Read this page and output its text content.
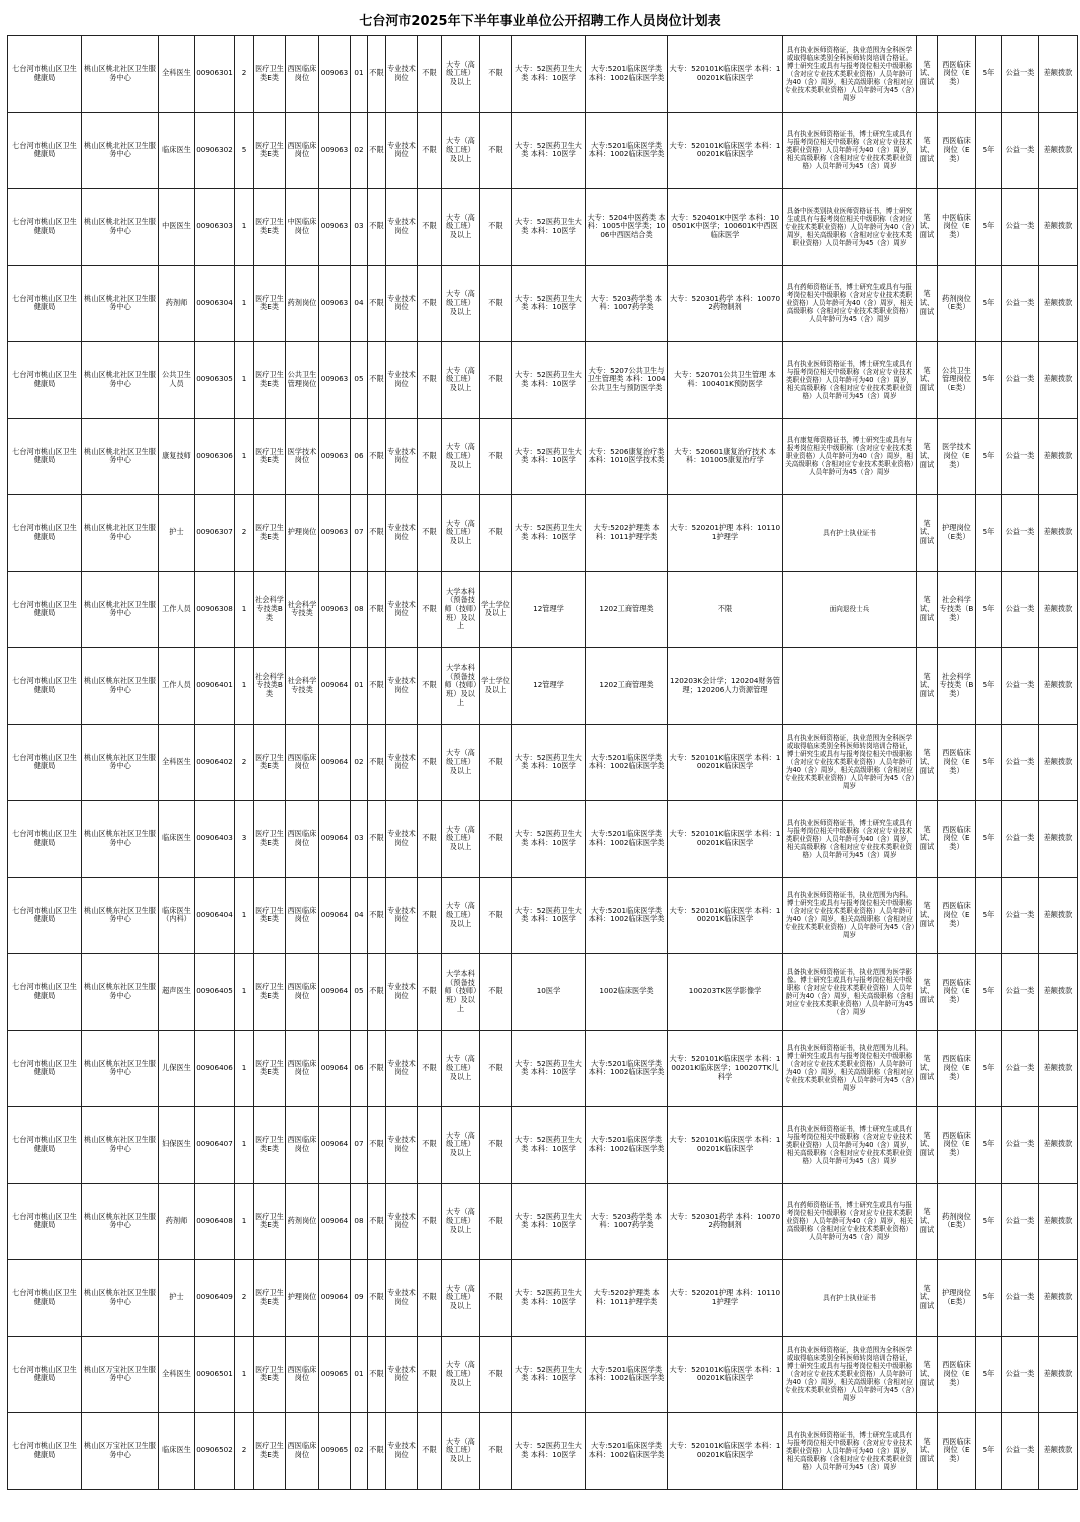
七台河市2025年下半年事业单位公开招聘工作人员岗位计划表
七台河市桃山区卫生健康局	桃山区桃北社区卫生服务中心	全科医生	00906301	2	医疗卫生类E类	西医临床岗位	009063	01	不限	专业技术岗位	不限	大专（高级工班）及以上	不限	大专：52医药卫生大类 本科：10医学	大专:5201临床医学类 本科：1002临床医学类	大专：520101K临床医学 本科：100201K临床医学	具有执业医师资格证，执业范围为全科医学或取得临床类别全科医师转岗培训合格证。博士研究生或具有与报考岗位相关中级职称（含对应专业技术类职业资格）人员年龄可为40（含）周岁，相关高级职称（含相对应专业技术类职业资格）人员年龄可为45（含）周岁	笔试、面试	西医临床岗位（E类）	5年	公益一类	差额拨款
七台河市桃山区卫生健康局	桃山区桃北社区卫生服务中心	临床医生	00906302	5	医疗卫生类E类	西医临床岗位	009063	02	不限	专业技术岗位	不限	大专（高级工班）及以上	不限	大专：52医药卫生大类 本科：10医学	大专:5201临床医学类 本科：1002临床医学类	大专：520101K临床医学 本科：100201K临床医学	具有执业医师资格证书，博士研究生或具有与报考岗位相关中级职称（含对应专业技术类职业资格）人员年龄可为40（含）周岁，相关高级职称（含相对应专业技术类职业资格）人员年龄可为45（含）周岁	笔试、面试	西医临床岗位（E类）	5年	公益一类	差额拨款
七台河市桃山区卫生健康局	桃山区桃北社区卫生服务中心	中医医生	00906303	1	医疗卫生类E类	中医临床岗位	009063	03	不限	专业技术岗位	不限	大专（高级工班）及以上	不限	大专：52医药卫生大类 本科：10医学	大专：5204中医药类 本科：1005中医学类；1006中西医结合类	大专：520401K中医学 本科：100501K中医学；100601K中西医临床医学	具备中医类别执业医师资格证书，博士研究生或具有与报考岗位相关中级职称（含对应专业技术类职业资格）人员年龄可为40（含）周岁，相关高级职称（含相对应专业技术类职业资格）人员年龄可为45（含）周岁	笔试、面试	中医临床岗位（E类）	5年	公益一类	差额拨款
七台河市桃山区卫生健康局	桃山区桃北社区卫生服务中心	药剂师	00906304	1	医疗卫生类E类	药剂岗位	009063	04	不限	专业技术岗位	不限	大专（高级工班）及以上	不限	大专：52医药卫生大类 本科：10医学	大专：5203药学类 本科：1007药学类	大专：520301药学 本科：100702药物制剂	具有药师资格证书，博士研究生或具有与报考岗位相关中级职称（含对应专业技术类职业资格）人员年龄可为40（含）周岁，相关高级职称（含相对应专业技术类职业资格）人员年龄可为45（含）周岁	笔试、面试	药剂岗位（E类）	5年	公益一类	差额拨款
七台河市桃山区卫生健康局	桃山区桃北社区卫生服务中心	公共卫生人员	00906305	1	医疗卫生类E类	公共卫生管理岗位	009063	05	不限	专业技术岗位	不限	大专（高级工班）及以上	不限	大专：52医药卫生大类 本科：10医学	大专：5207公共卫生与卫生管理类 本科：1004公共卫生与预防医学类	大专：520701公共卫生管理 本科：100401K预防医学	具有执业医师资格证书，博士研究生或具有与报考岗位相关中级职称（含对应专业技术类职业资格）人员年龄可为40（含）周岁，相关高级职称（含相对应专业技术类职业资格）人员年龄可为45（含）周岁	笔试、面试	公共卫生管理岗位（E类）	5年	公益一类	差额拨款
七台河市桃山区卫生健康局	桃山区桃北社区卫生服务中心	康复技师	00906306	1	医疗卫生类E类	医学技术岗位	009063	06	不限	专业技术岗位	不限	大专（高级工班）及以上	不限	大专：52医药卫生大类 本科：10医学	大专：5206康复治疗类 本科：1010医学技术类	大专：520601康复治疗技术 本科：101005康复治疗学	具有康复师资格证书，博士研究生或具有与报考岗位相关中级职称（含对应专业技术类职业资格）人员年龄可为40（含）周岁，相关高级职称（含相对应专业技术类职业资格）人员年龄可为45（含）周岁	笔试、面试	医学技术岗位（E类）	5年	公益一类	差额拨款
七台河市桃山区卫生健康局	桃山区桃北社区卫生服务中心	护士	00906307	2	医疗卫生类E类	护理岗位	009063	07	不限	专业技术岗位	不限	大专（高级工班）及以上	不限	大专：52医药卫生大类 本科：10医学	大专:5202护理类 本科：1011护理学类	大专：520201护理 本科：101101护理学	具有护士执业证书	笔试、面试	护理岗位（E类）	5年	公益一类	差额拨款
七台河市桃山区卫生健康局	桃山区桃北社区卫生服务中心	工作人员	00906308	1	社会科学专技类B类	社会科学专技类	009063	08	不限	专业技术岗位	不限	大学本科（预备技师（技师）班）及以上	学士学位及以上	12管理学	1202工商管理类	不限	面向退役士兵	笔试、面试	社会科学专技类（B类）	5年	公益一类	差额拨款
七台河市桃山区卫生健康局	桃山区桃东社区卫生服务中心	工作人员	00906401	1	社会科学专技类B类	社会科学专技类	009064	01	不限	专业技术岗位	不限	大学本科（预备技师（技师）班）及以上	学士学位及以上	12管理学	1202工商管理类	120203K会计学；120204财务管理；120206人力资源管理		笔试、面试	社会科学专技类（B类）	5年	公益一类	差额拨款
七台河市桃山区卫生健康局	桃山区桃东社区卫生服务中心	全科医生	00906402	2	医疗卫生类E类	西医临床岗位	009064	02	不限	专业技术岗位	不限	大专（高级工班）及以上	不限	大专：52医药卫生大类 本科：10医学	大专:5201临床医学类 本科：1002临床医学类	大专：520101K临床医学 本科：100201K临床医学	具有执业医师资格证，执业范围为全科医学或取得临床类别全科医师转岗培训合格证，博士研究生或具有与报考岗位相关中级职称（含对应专业技术类职业资格）人员年龄可为40（含）周岁，相关高级职称（含相对应专业技术类职业资格）人员年龄可为45（含）周岁	笔试、面试	西医临床岗位（E类）	5年	公益一类	差额拨款
七台河市桃山区卫生健康局	桃山区桃东社区卫生服务中心	临床医生	00906403	3	医疗卫生类E类	西医临床岗位	009064	03	不限	专业技术岗位	不限	大专（高级工班）及以上	不限	大专：52医药卫生大类 本科：10医学	大专:5201临床医学类 本科：1002临床医学类	大专：520101K临床医学 本科：100201K临床医学	具有执业医师资格证书，博士研究生或具有与报考岗位相关中级职称（含对应专业技术类职业资格）人员年龄可为40（含）周岁，相关高级职称（含相对应专业技术类职业资格）人员年龄可为45（含）周岁	笔试、面试	西医临床岗位（E类）	5年	公益一类	差额拨款
七台河市桃山区卫生健康局	桃山区桃东社区卫生服务中心	临床医生（内科）	00906404	1	医疗卫生类E类	西医临床岗位	009064	04	不限	专业技术岗位	不限	大专（高级工班）及以上	不限	大专：52医药卫生大类 本科：10医学	大专:5201临床医学类 本科：1002临床医学类	大专：520101K临床医学 本科：100201K临床医学	具有执业医师资格证书，执业范围为内科。博士研究生或具有与报考岗位相关中级职称（含对应专业技术类职业资格）人员年龄可为40（含）周岁，相关高级职称（含相对应专业技术类职业资格）人员年龄可为45（含）周岁	笔试、面试	西医临床岗位（E类）	5年	公益一类	差额拨款
七台河市桃山区卫生健康局	桃山区桃东社区卫生服务中心	超声医生	00906405	1	医疗卫生类E类	西医临床岗位	009064	05	不限	专业技术岗位	不限	大学本科（预备技师（技师）班）及以上	不限	10医学	1002临床医学类	100203TK医学影像学	具备执业医师资格证书，执业范围为医学影像。博士研究生或具有与报考岗位相关中级职称（含对应专业技术类职业资格）人员年龄可为40（含）周岁，相关高级职称（含相对应专业技术类职业资格）人员年龄可为45（含）周岁	笔试、面试	西医临床岗位（E类）	5年	公益一类	差额拨款
七台河市桃山区卫生健康局	桃山区桃东社区卫生服务中心	儿保医生	00906406	1	医疗卫生类E类	西医临床岗位	009064	06	不限	专业技术岗位	不限	大专（高级工班）及以上	不限	大专：52医药卫生大类 本科：10医学	大专:5201临床医学类 本科：1002临床医学类	大专：520101K临床医学 本科：100201K临床医学；100207TK儿科学	具有执业医师资格证书，执业范围为儿科。博士研究生或具有与报考岗位相关中级职称（含对应专业技术类职业资格）人员年龄可为40（含）周岁，相关高级职称（含相对应专业技术类职业资格）人员年龄可为45（含）周岁	笔试、面试	西医临床岗位（E类）	5年	公益一类	差额拨款
七台河市桃山区卫生健康局	桃山区桃东社区卫生服务中心	妇保医生	00906407	1	医疗卫生类E类	西医临床岗位	009064	07	不限	专业技术岗位	不限	大专（高级工班）及以上	不限	大专：52医药卫生大类 本科：10医学	大专:5201临床医学类 本科：1002临床医学类	大专：520101K临床医学 本科：100201K临床医学	具有执业医师资格证书，博士研究生或具有与报考岗位相关中级职称（含对应专业技术类职业资格）人员年龄可为40（含）周岁，相关高级职称（含相对应专业技术类职业资格）人员年龄可为45（含）周岁	笔试、面试	西医临床岗位（E类）	5年	公益一类	差额拨款
七台河市桃山区卫生健康局	桃山区桃东社区卫生服务中心	药剂师	00906408	1	医疗卫生类E类	药剂岗位	009064	08	不限	专业技术岗位	不限	大专（高级工班）及以上	不限	大专：52医药卫生大类 本科：10医学	大专：5203药学类 本科：1007药学类	大专：520301药学 本科：100702药物制剂	具有药师资格证书，博士研究生或具有与报考岗位相关中级职称（含对应专业技术类职业资格）人员年龄可为40（含）周岁，相关高级职称（含相对应专业技术类职业资格）人员年龄可为45（含）周岁	笔试、面试	药剂岗位（E类）	5年	公益一类	差额拨款
七台河市桃山区卫生健康局	桃山区桃东社区卫生服务中心	护士	00906409	2	医疗卫生类E类	护理岗位	009064	09	不限	专业技术岗位	不限	大专（高级工班）及以上	不限	大专：52医药卫生大类 本科：10医学	大专:5202护理类 本科：1011护理学类	大专：520201护理 本科：101101护理学	具有护士执业证书	笔试、面试	护理岗位（E类）	5年	公益一类	差额拨款
七台河市桃山区卫生健康局	桃山区万宝社区卫生服务中心	全科医生	00906501	1	医疗卫生类E类	西医临床岗位	009065	01	不限	专业技术岗位	不限	大专（高级工班）及以上	不限	大专：52医药卫生大类 本科：10医学	大专:5201临床医学类 本科：1002临床医学类	大专：520101K临床医学 本科：100201K临床医学	具有执业医师资格证，执业范围为全科医学或取得临床类别全科医师转岗培训合格证，博士研究生或具有与报考岗位相关中级职称（含对应专业技术类职业资格）人员年龄可为40（含）周岁，相关高级职称（含相对应专业技术类职业资格）人员年龄可为45（含）周岁	笔试、面试	西医临床岗位（E类）	5年	公益一类	差额拨款
七台河市桃山区卫生健康局	桃山区万宝社区卫生服务中心	临床医生	00906502	2	医疗卫生类E类	西医临床岗位	009065	02	不限	专业技术岗位	不限	大专（高级工班）及以上	不限	大专：52医药卫生大类 本科：10医学	大专:5201临床医学类 本科：1002临床医学类	大专：520101K临床医学 本科：100201K临床医学	具有执业医师资格证书，博士研究生或具有与报考岗位相关中级职称（含对应专业技术类职业资格）人员年龄可为40（含）周岁，相关高级职称（含相对应专业技术类职业资格）人员年龄可为45（含）周岁	笔试、面试	西医临床岗位（E类）	5年	公益一类	差额拨款
